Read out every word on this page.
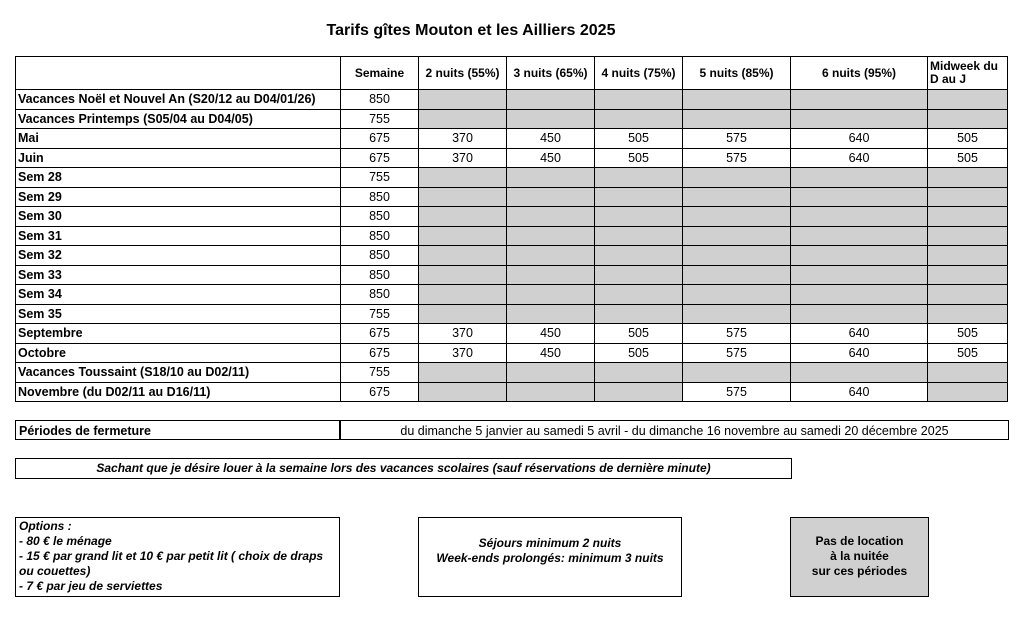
Tarifs gîtes Mouton et les Ailliers 2025
	Semaine	2 nuits (55%)	3 nuits (65%)	4 nuits (75%)	5 nuits (85%)	6 nuits (95%)	Midweek du D au J
Vacances Noël et Nouvel An (S20/12 au D04/01/26)	850						
Vacances Printemps (S05/04 au D04/05)	755						
Mai	675	370	450	505	575	640	505
Juin	675	370	450	505	575	640	505
Sem 28	755						
Sem 29	850						
Sem 30	850						
Sem 31	850						
Sem 32	850						
Sem 33	850						
Sem 34	850						
Sem 35	755						
Septembre	675	370	450	505	575	640	505
Octobre	675	370	450	505	575	640	505
Vacances Toussaint (S18/10 au D02/11)	755						
Novembre (du D02/11 au D16/11)	675				575	640	
Périodes de fermeture	du dimanche 5 janvier au samedi 5 avril - du dimanche 16 novembre au samedi 20 décembre 2025
Sachant que je désire louer à la semaine lors des vacances scolaires (sauf réservations de dernière minute)
Options :
- 80 € le ménage
- 15 € par grand lit et 10 € par petit lit ( choix de draps ou couettes)
- 7 € par jeu de serviettes
Séjours minimum 2 nuits
Week-ends prolongés: minimum 3 nuits
Pas de location
à la nuitée
sur ces périodes
